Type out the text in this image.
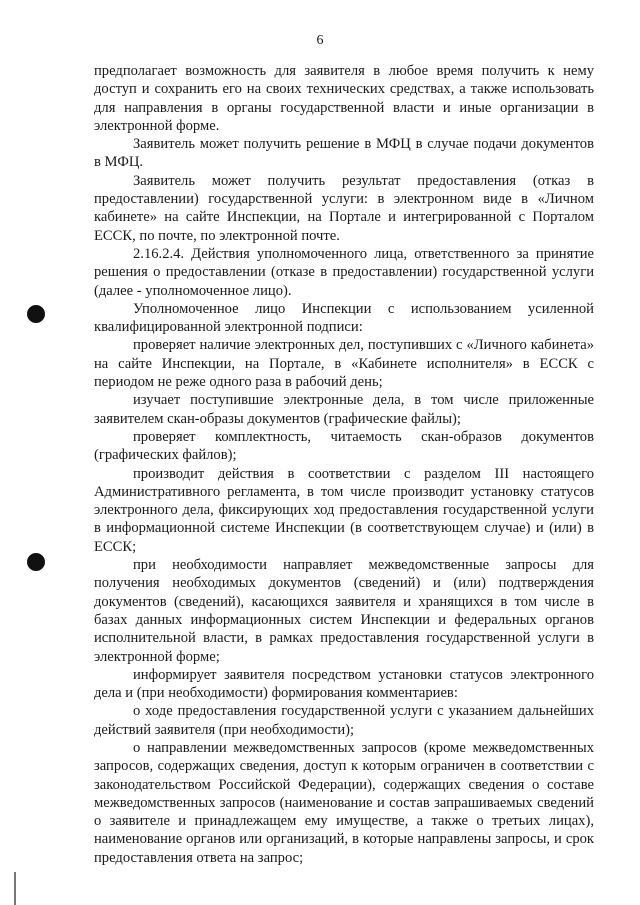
6

предполагает возможность для заявителя в любое время получить к нему доступ и сохранить его на своих технических средствах, а также использовать для направления в органы государственной власти и иные организации в электронной форме.

Заявитель может получить решение в МФЦ в случае подачи документов в МФЦ.

Заявитель может получить результат предоставления (отказ в предоставлении) государственной услуги: в электронном виде в «Личном кабинете» на сайте Инспекции, на Портале и интегрированной с Порталом ЕССК, по почте, по электронной почте.

2.16.2.4. Действия уполномоченного лица, ответственного за принятие решения о предоставлении (отказе в предоставлении) государственной услуги (далее - уполномоченное лицо).

Уполномоченное лицо Инспекции с использованием усиленной квалифицированной электронной подписи:

проверяет наличие электронных дел, поступивших с «Личного кабинета» на сайте Инспекции, на Портале, в «Кабинете исполнителя» в ЕССК с периодом не реже одного раза в рабочий день;

изучает поступившие электронные дела, в том числе приложенные заявителем скан-образы документов (графические файлы);

проверяет комплектность, читаемость скан-образов документов (графических файлов);

производит действия в соответствии с разделом III настоящего Административного регламента, в том числе производит установку статусов электронного дела, фиксирующих ход предоставления государственной услуги в информационной системе Инспекции (в соответствующем случае) и (или) в ЕССК;

при необходимости направляет межведомственные запросы для получения необходимых документов (сведений) и (или) подтверждения документов (сведений), касающихся заявителя и хранящихся в том числе в базах данных информационных систем Инспекции и федеральных органов исполнительной власти, в рамках предоставления государственной услуги в электронной форме;

информирует заявителя посредством установки статусов электронного дела и (при необходимости) формирования комментариев:

о ходе предоставления государственной услуги с указанием дальнейших действий заявителя (при необходимости);

о направлении межведомственных запросов (кроме межведомственных запросов, содержащих сведения, доступ к которым ограничен в соответствии с законодательством Российской Федерации), содержащих сведения о составе межведомственных запросов (наименование и состав запрашиваемых сведений о заявителе и принадлежащем ему имуществе, а также о третьих лицах), наименование органов или организаций, в которые направлены запросы, и срок предоставления ответа на запрос;
